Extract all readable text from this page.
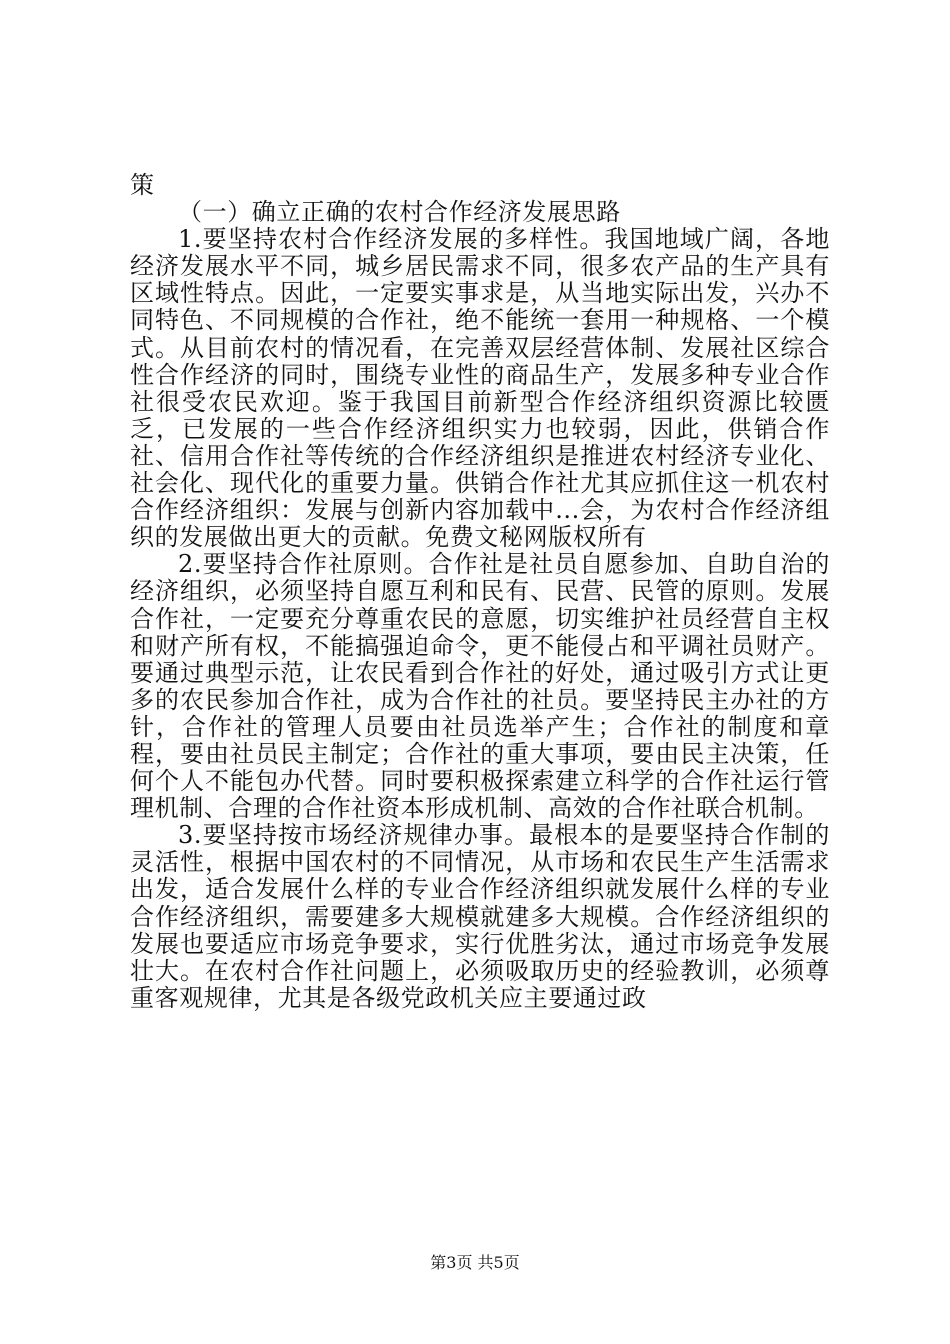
策

（一）确立正确的农村合作经济发展思路

1.要坚持农村合作经济发展的多样性。我国地域广阔，各地经济发展水平不同，城乡居民需求不同，很多农产品的生产具有区域性特点。因此，一定要实事求是，从当地实际出发，兴办不同特色、不同规模的合作社，绝不能统一套用一种规格、一个模式。从目前农村的情况看，在完善双层经营体制、发展社区综合性合作经济的同时，围绕专业性的商品生产，发展多种专业合作社很受农民欢迎。鉴于我国目前新型合作经济组织资源比较匮乏，已发展的一些合作经济组织实力也较弱，因此，供销合作社、信用合作社等传统的合作经济组织是推进农村经济专业化、社会化、现代化的重要力量。供销合作社尤其应抓住这一机农村合作经济组织：发展与创新内容加载中...会，为农村合作经济组织的发展做出更大的贡献。免费文秘网版权所有

2.要坚持合作社原则。合作社是社员自愿参加、自助自治的经济组织，必须坚持自愿互利和民有、民营、民管的原则。发展合作社，一定要充分尊重农民的意愿，切实维护社员经营自主权和财产所有权，不能搞强迫命令，更不能侵占和平调社员财产。要通过典型示范，让农民看到合作社的好处，通过吸引方式让更多的农民参加合作社，成为合作社的社员。要坚持民主办社的方针，合作社的管理人员要由社员选举产生；合作社的制度和章程，要由社员民主制定；合作社的重大事项，要由民主决策，任何个人不能包办代替。同时要积极探索建立科学的合作社运行管理机制、合理的合作社资本形成机制、高效的合作社联合机制。

3.要坚持按市场经济规律办事。最根本的是要坚持合作制的灵活性，根据中国农村的不同情况，从市场和农民生产生活需求出发，适合发展什么样的专业合作经济组织就发展什么样的专业合作经济组织，需要建多大规模就建多大规模。合作经济组织的发展也要适应市场竞争要求，实行优胜劣汰，通过市场竞争发展壮大。在农村合作社问题上，必须吸取历史的经验教训，必须尊重客观规律，尤其是各级党政机关应主要通过政

第3页 共5页
